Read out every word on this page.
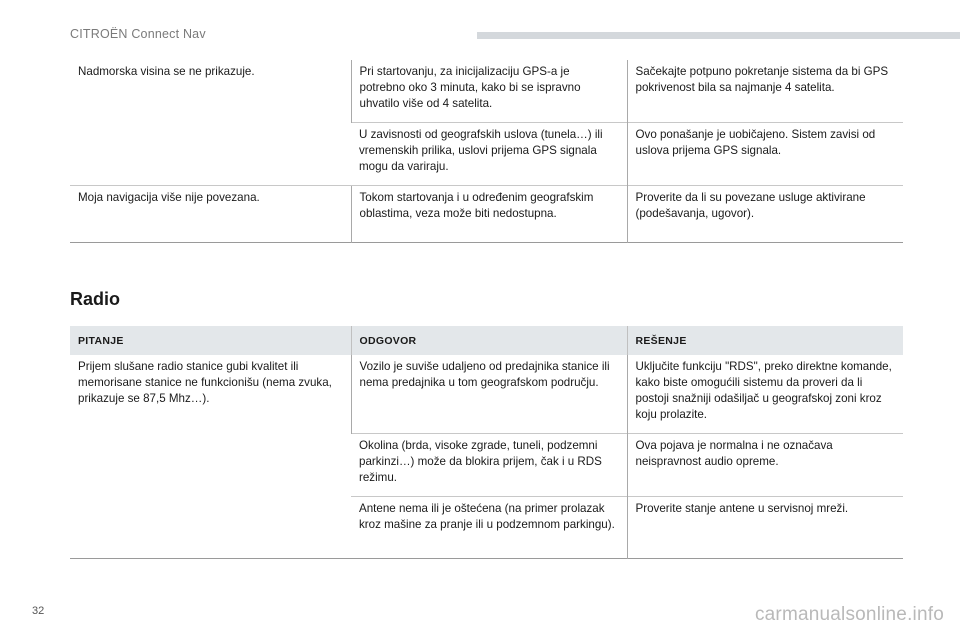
CITROËN Connect Nav
Nadmorska visina se ne prikazuje.	Pri startovanju, za inicijalizaciju GPS-a je potrebno oko 3 minuta, kako bi se ispravno uhvatilo više od 4 satelita.	Sačekajte potpuno pokretanje sistema da bi GPS pokrivenost bila sa najmanje 4 satelita.
	U zavisnosti od geografskih uslova (tunela…) ili vremenskih prilika, uslovi prijema GPS signala mogu da variraju.	Ovo ponašanje je uobičajeno. Sistem zavisi od uslova prijema GPS signala.
Moja navigacija više nije povezana.	Tokom startovanja i u određenim geografskim oblastima, veza može biti nedostupna.	Proverite da li su povezane usluge aktivirane (podešavanja, ugovor).
Radio
PITANJE	ODGOVOR	REŠENJE
Prijem slušane radio stanice gubi kvalitet ili memorisane stanice ne funkcionišu (nema zvuka, prikazuje se 87,5 Mhz…).	Vozilo je suviše udaljeno od predajnika stanice ili nema predajnika u tom geografskom području.	Uključite funkciju "RDS", preko direktne komande, kako biste omogućili sistemu da proveri da li postoji snažniji odašiljač u geografskoj zoni kroz koju prolazite.
	Okolina (brda, visoke zgrade, tuneli, podzemni parkinzi…) može da blokira prijem, čak i u RDS režimu.	Ova pojava je normalna i ne označava neispravnost audio opreme.
	Antene nema ili je oštećena (na primer prolazak kroz mašine za pranje ili u podzemnom parkingu).	Proverite stanje antene u servisnoj mreži.
32	carmanualsonline.info
